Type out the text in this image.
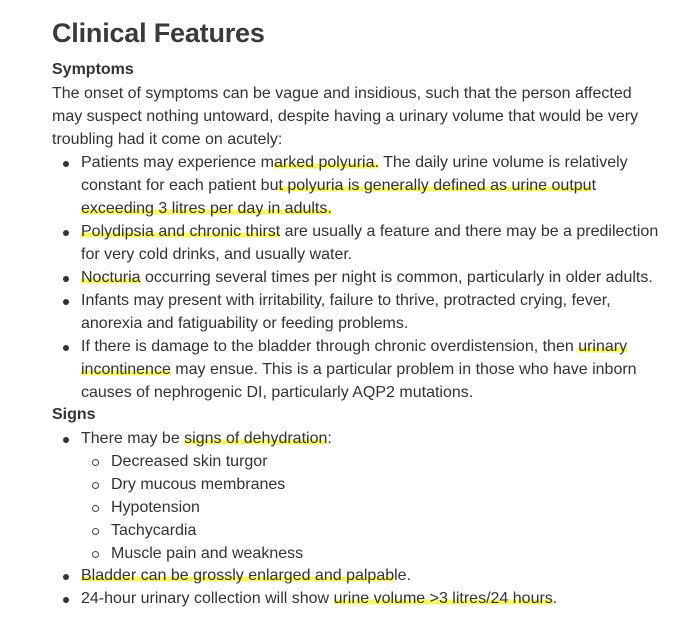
Clinical Features
Symptoms
The onset of symptoms can be vague and insidious, such that the person affected
may suspect nothing untoward, despite having a urinary volume that would be very
troubling had it come on acutely:
Patients may experience marked polyuria. The daily urine volume is relatively
constant for each patient but polyuria is generally defined as urine output
exceeding 3 litres per day in adults.
Polydipsia and chronic thirst are usually a feature and there may be a predilection
for very cold drinks, and usually water.
Nocturia occurring several times per night is common, particularly in older adults.
Infants may present with irritability, failure to thrive, protracted crying, fever,
anorexia and fatiguability or feeding problems.
If there is damage to the bladder through chronic overdistension, then urinary
incontinence may ensue. This is a particular problem in those who have inborn
causes of nephrogenic DI, particularly AQP2 mutations.
Signs
There may be signs of dehydration:
Decreased skin turgor
Dry mucous membranes
Hypotension
Tachycardia
Muscle pain and weakness
Bladder can be grossly enlarged and palpable.
24-hour urinary collection will show urine volume >3 litres/24 hours.
